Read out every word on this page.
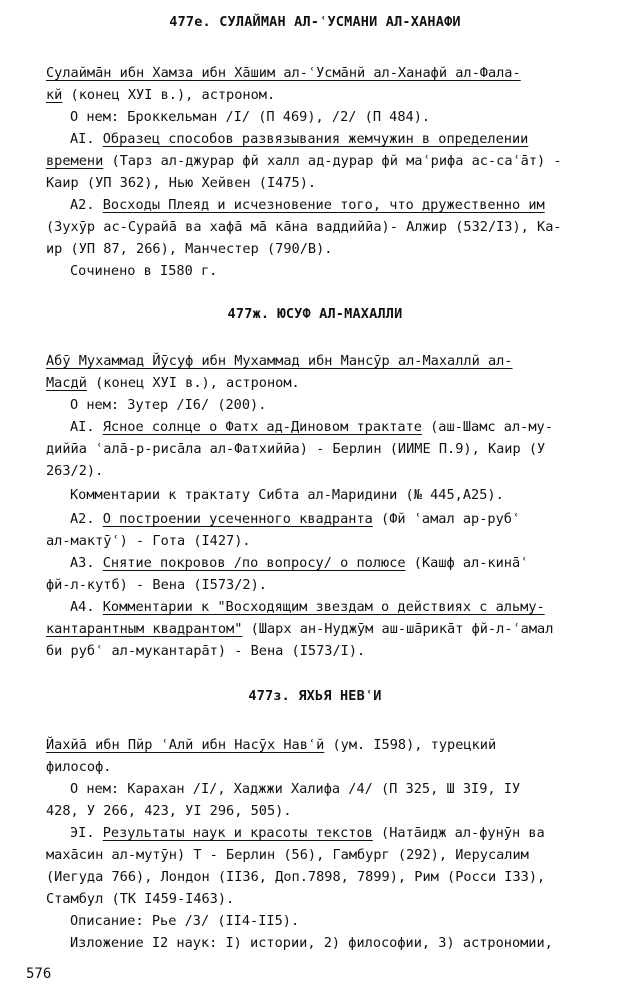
477е. СУЛАЙМАН АЛ-ʿУСМАНИ АЛ-ХАНАФИ
Сулаймāн ибн Хамза ибн Хāшим ал-ʿУсмāнй ал-Ханафй ал-Фала-
кй (конец ХУI в.), астроном.
О нем: Броккельман /I/ (П 469), /2/ (П 484).
AI. Образец способов развязывания жемчужин в определении
времени (Тарз ал-джурар фй халл ад-дурар фй маʿрифа ас-саʿāт) -
Каир (УП 362), Нью Хейвен (I475).
А2. Восходы Плеяд и исчезновение того, что дружественно им
(Зухӯр ас-Сурайā ва хафā мā кāна ваддийӣа)- Алжир (532/I3), Ка-
ир (УП 87, 266), Манчестер (790/В).
Сочинено в I580 г.
477ж. ЮСУФ АЛ-МАХАЛЛИ
Абӯ Мухаммад Йӯсуф ибн Мухаммад ибн Мансӯр ал-Махаллй ал-
Масдй (конец ХУI в.), астроном.
О нем: Зутер /I6/ (200).
AI. Ясное солнце о Фатх ад-Диновом трактате (аш-Шамс ал-му-
дийӣа ʿалā-р-рисāла ал-Фатхийӣа) - Берлин (ИИМЕ П.9), Каир (У
263/2).
Комментарии к трактату Сибта ал-Маридини (№ 445,А25).
А2. О построении усеченного квадранта (Фй ʿамал ар-рубʿ
ал-мактӯʿ) - Гота (I427).
А3. Снятие покровов /по вопросу/ о полюсе (Кашф ал-кинāʿ
фй-л-кутб) - Вена (I573/2).
А4. Комментарии к "Восходящим звездам о действиях с альму-
кантарантным квадрантом" (Шарх ан-Нуджӯм аш-шāрикāт фй-л-ʿамал
би рубʿ ал-мукантарāт) - Вена (I573/I).
477з. ЯХЬЯ НЕВʿИ
Йахйā ибн Пйр ʿАлй ибн Насӯх Навʿй (ум. I598), турецкий
философ.
О нем: Карахан /I/, Хаджжи Халифа /4/ (П 325, Ш 3I9, IУ
428, У 266, 423, УI 296, 505).
ЭI. Результаты наук и красоты текстов (Натāидж ал-фунӯн ва
махāсин ал-мутӯн) Т - Берлин (56), Гамбург (292), Иерусалим
(Иегуда 766), Лондон (II36, Доп.7898, 7899), Рим (Росси I33),
Стамбул (ТК I459-I463).
Описание: Рье /3/ (II4-II5).
Изложение I2 наук: I) истории, 2) философии, 3) астрономии,
576
